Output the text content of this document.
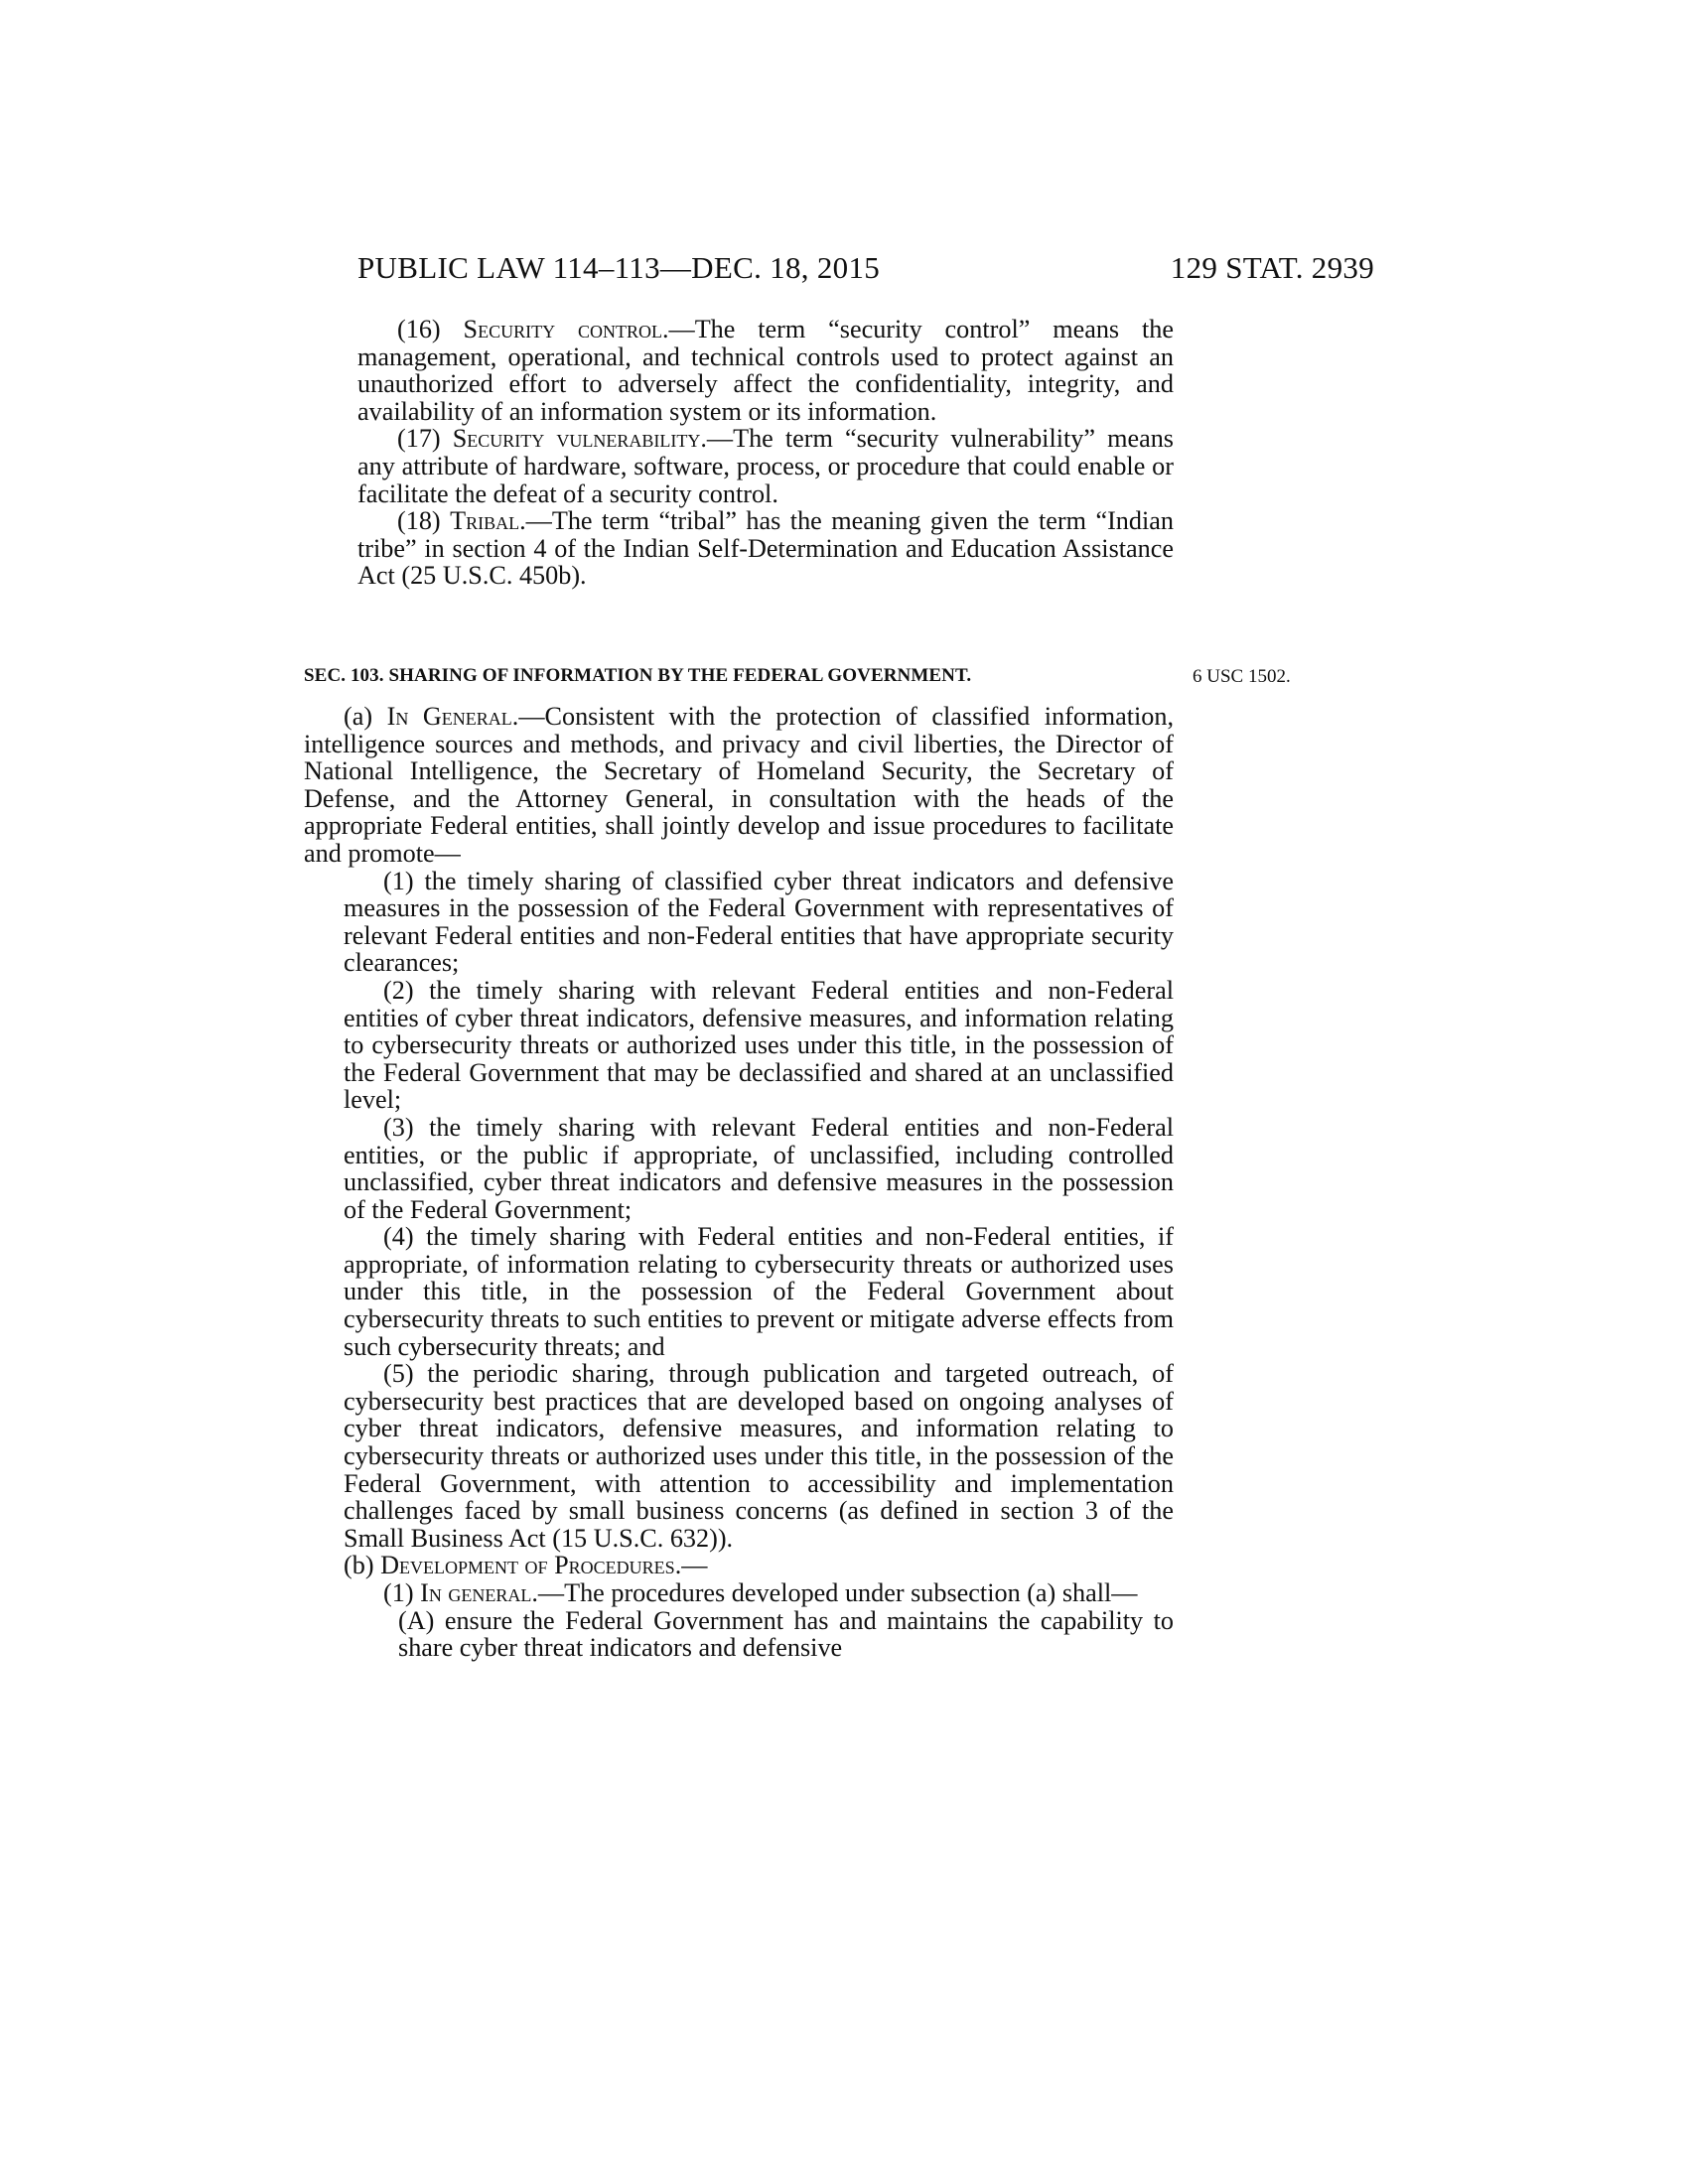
PUBLIC LAW 114–113—DEC. 18, 2015	129 STAT. 2939

(16) Security control.—The term “security control” means the management, operational, and technical controls used to protect against an unauthorized effort to adversely affect the confidentiality, integrity, and availability of an information system or its information.

(17) Security vulnerability.—The term “security vulnerability” means any attribute of hardware, software, process, or procedure that could enable or facilitate the defeat of a security control.

(18) Tribal.—The term “tribal” has the meaning given the term “Indian tribe” in section 4 of the Indian Self-Determination and Education Assistance Act (25 U.S.C. 450b).

SEC. 103. SHARING OF INFORMATION BY THE FEDERAL GOVERNMENT.	6 USC 1502.

(a) In General.—Consistent with the protection of classified information, intelligence sources and methods, and privacy and civil liberties, the Director of National Intelligence, the Secretary of Homeland Security, the Secretary of Defense, and the Attorney General, in consultation with the heads of the appropriate Federal entities, shall jointly develop and issue procedures to facilitate and promote—

(1) the timely sharing of classified cyber threat indicators and defensive measures in the possession of the Federal Government with representatives of relevant Federal entities and non-Federal entities that have appropriate security clearances;

(2) the timely sharing with relevant Federal entities and non-Federal entities of cyber threat indicators, defensive measures, and information relating to cybersecurity threats or authorized uses under this title, in the possession of the Federal Government that may be declassified and shared at an unclassified level;

(3) the timely sharing with relevant Federal entities and non-Federal entities, or the public if appropriate, of unclassified, including controlled unclassified, cyber threat indicators and defensive measures in the possession of the Federal Government;

(4) the timely sharing with Federal entities and non-Federal entities, if appropriate, of information relating to cybersecurity threats or authorized uses under this title, in the possession of the Federal Government about cybersecurity threats to such entities to prevent or mitigate adverse effects from such cybersecurity threats; and

(5) the periodic sharing, through publication and targeted outreach, of cybersecurity best practices that are developed based on ongoing analyses of cyber threat indicators, defensive measures, and information relating to cybersecurity threats or authorized uses under this title, in the possession of the Federal Government, with attention to accessibility and implementation challenges faced by small business concerns (as defined in section 3 of the Small Business Act (15 U.S.C. 632)).

(b) Development of Procedures.—

(1) In general.—The procedures developed under subsection (a) shall—

(A) ensure the Federal Government has and maintains the capability to share cyber threat indicators and defensive
